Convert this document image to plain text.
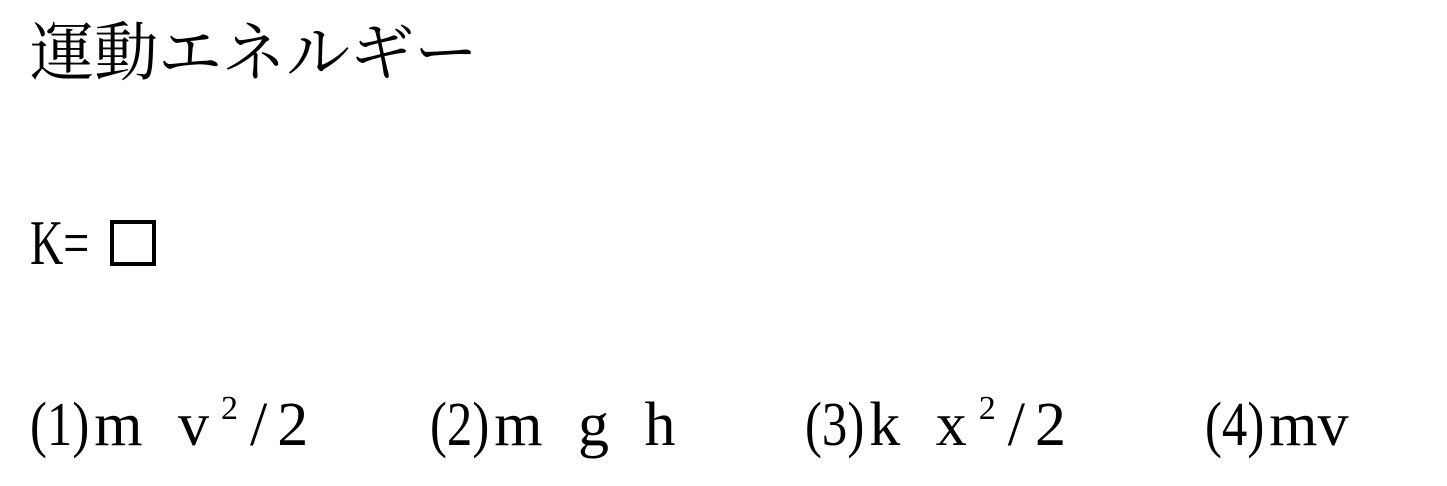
運動エネルギー
K=
(1) m $v^2/2$ (2) m g h (3) k $x^2/2$ (4) mv
